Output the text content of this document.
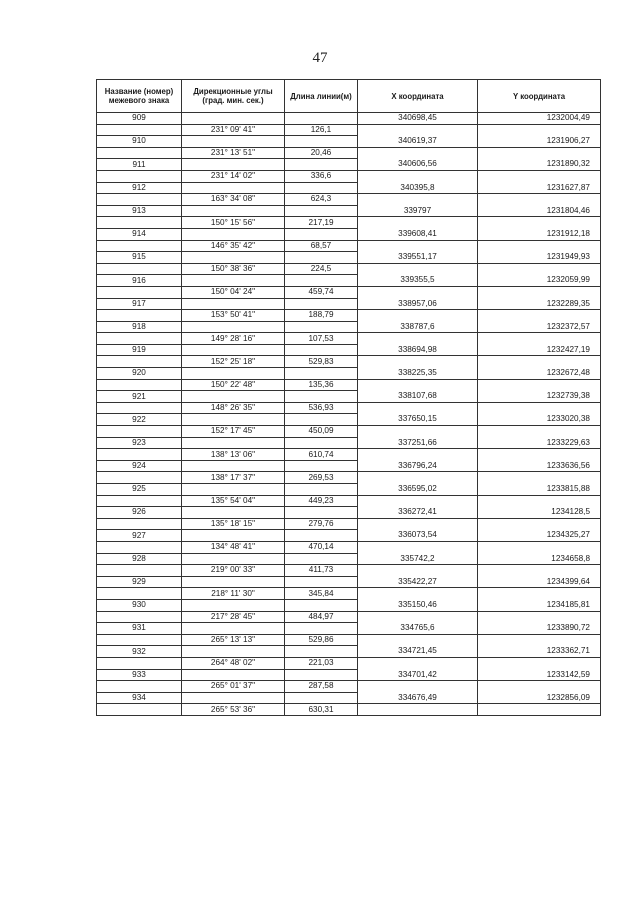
47
Название (номер) межевого знака	Дирекционные углы (град. мин. сек.)	Длина линии(м)	X координата	Y координата
909			340698,45	1232004,49
	231° 09' 41"	126,1		
910			340619,37	1231906,27
	231° 13' 51"	20,46		
911			340606,56	1231890,32
	231° 14' 02"	336,6		
912			340395,8	1231627,87
	163° 34' 08"	624,3		
913			339797	1231804,46
	150° 15' 56"	217,19		
914			339608,41	1231912,18
	146° 35' 42"	68,57		
915			339551,17	1231949,93
	150° 38' 36"	224,5		
916			339355,5	1232059,99
	150° 04' 24"	459,74		
917			338957,06	1232289,35
	153° 50' 41"	188,79		
918			338787,6	1232372,57
	149° 28' 16"	107,53		
919			338694,98	1232427,19
	152° 25' 18"	529,83		
920			338225,35	1232672,48
	150° 22' 48"	135,36		
921			338107,68	1232739,38
	148° 26' 35"	536,93		
922			337650,15	1233020,38
	152° 17' 45"	450,09		
923			337251,66	1233229,63
	138° 13' 06"	610,74		
924			336796,24	1233636,56
	138° 17' 37"	269,53		
925			336595,02	1233815,88
	135° 54' 04"	449,23		
926			336272,41	1234128,5
	135° 18' 15"	279,76		
927			336073,54	1234325,27
	134° 48' 41"	470,14		
928			335742,2	1234658,8
	219° 00' 33"	411,73		
929			335422,27	1234399,64
	218° 11' 30"	345,84		
930			335150,46	1234185,81
	217° 28' 45"	484,97		
931			334765,6	1233890,72
	265° 13' 13"	529,86		
932			334721,45	1233362,71
	264° 48' 02"	221,03		
933			334701,42	1233142,59
	265° 01' 37"	287,58		
934			334676,49	1232856,09
	265° 53' 36"	630,31		
